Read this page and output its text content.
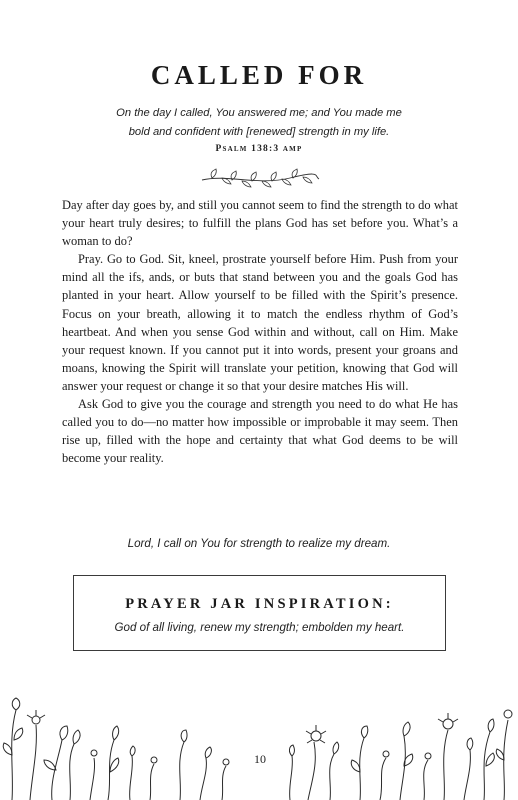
CALLED FOR
On the day I called, You answered me; and You made me
bold and confident with [renewed] strength in my life.
Psalm 138:3 amp

Day after day goes by, and still you cannot seem to find the strength to do what your heart truly desires; to fulfill the plans God has set before you. What’s a woman to do?

Pray. Go to God. Sit, kneel, prostrate yourself before Him. Push from your mind all the ifs, ands, or buts that stand between you and the goals God has planted in your heart. Allow yourself to be filled with the Spirit’s presence. Focus on your breath, allowing it to match the endless rhythm of God’s heartbeat. And when you sense God within and without, call on Him. Make your request known. If you cannot put it into words, present your groans and moans, knowing the Spirit will translate your petition, knowing that God will answer your request or change it so that your desire matches His will.

Ask God to give you the courage and strength you need to do what He has called you to do—no matter how impossible or improbable it may seem. Then rise up, filled with the hope and certainty that what God deems to be will become your reality.

Lord, I call on You for strength to realize my dream.
PRAYER JAR INSPIRATION:
God of all living, renew my strength; embolden my heart.
10
